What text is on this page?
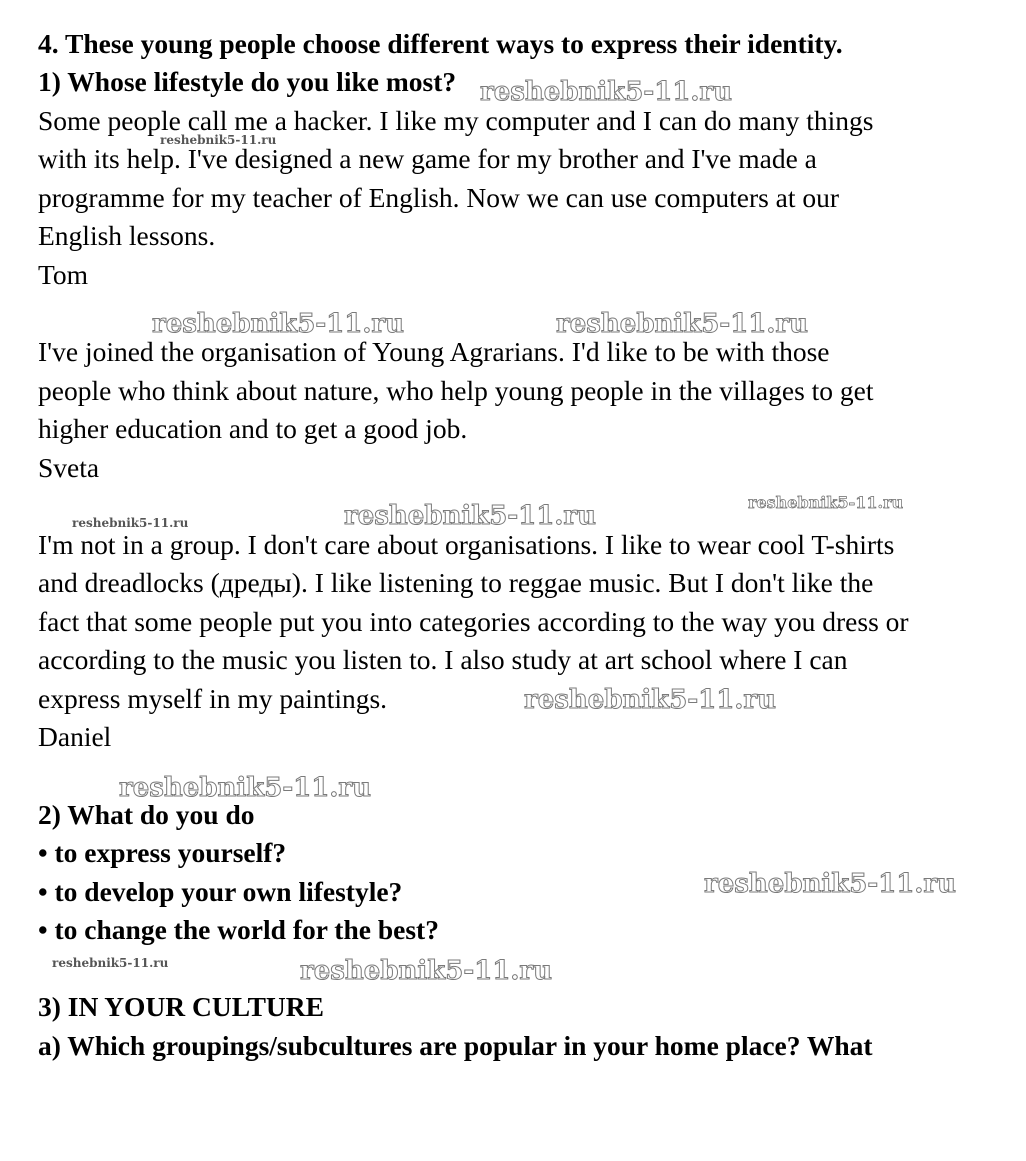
4. These young people choose different ways to express their identity.
1) Whose lifestyle do you like most?
Some people call me a hacker. I like my computer and I can do many things
with its help. I've designed a new game for my brother and I've made a
programme for my teacher of English. Now we can use computers at our
English lessons.
Tom
I've joined the organisation of Young Agrarians. I'd like to be with those
people who think about nature, who help young people in the villages to get
higher education and to get a good job.
Sveta
I'm not in a group. I don't care about organisations. I like to wear cool T-shirts
and dreadlocks (дреды). I like listening to reggae music. But I don't like the
fact that some people put you into categories according to the way you dress or
according to the music you listen to. I also study at art school where I can
express myself in my paintings.
Daniel
2) What do you do
• to express yourself?
• to develop your own lifestyle?
• to change the world for the best?
3) IN YOUR CULTURE
a) Which groupings/subcultures are popular in your home place? What
reshebnik5-11.ru
reshebnik5-11.ru
reshebnik5-11.ru	reshebnik5-11.ru
reshebnik5-11.ru
reshebnik5-11.ru	reshebnik5-11.ru
reshebnik5-11.ru
reshebnik5-11.ru
reshebnik5-11.ru
reshebnik5-11.ru	reshebnik5-11.ru
